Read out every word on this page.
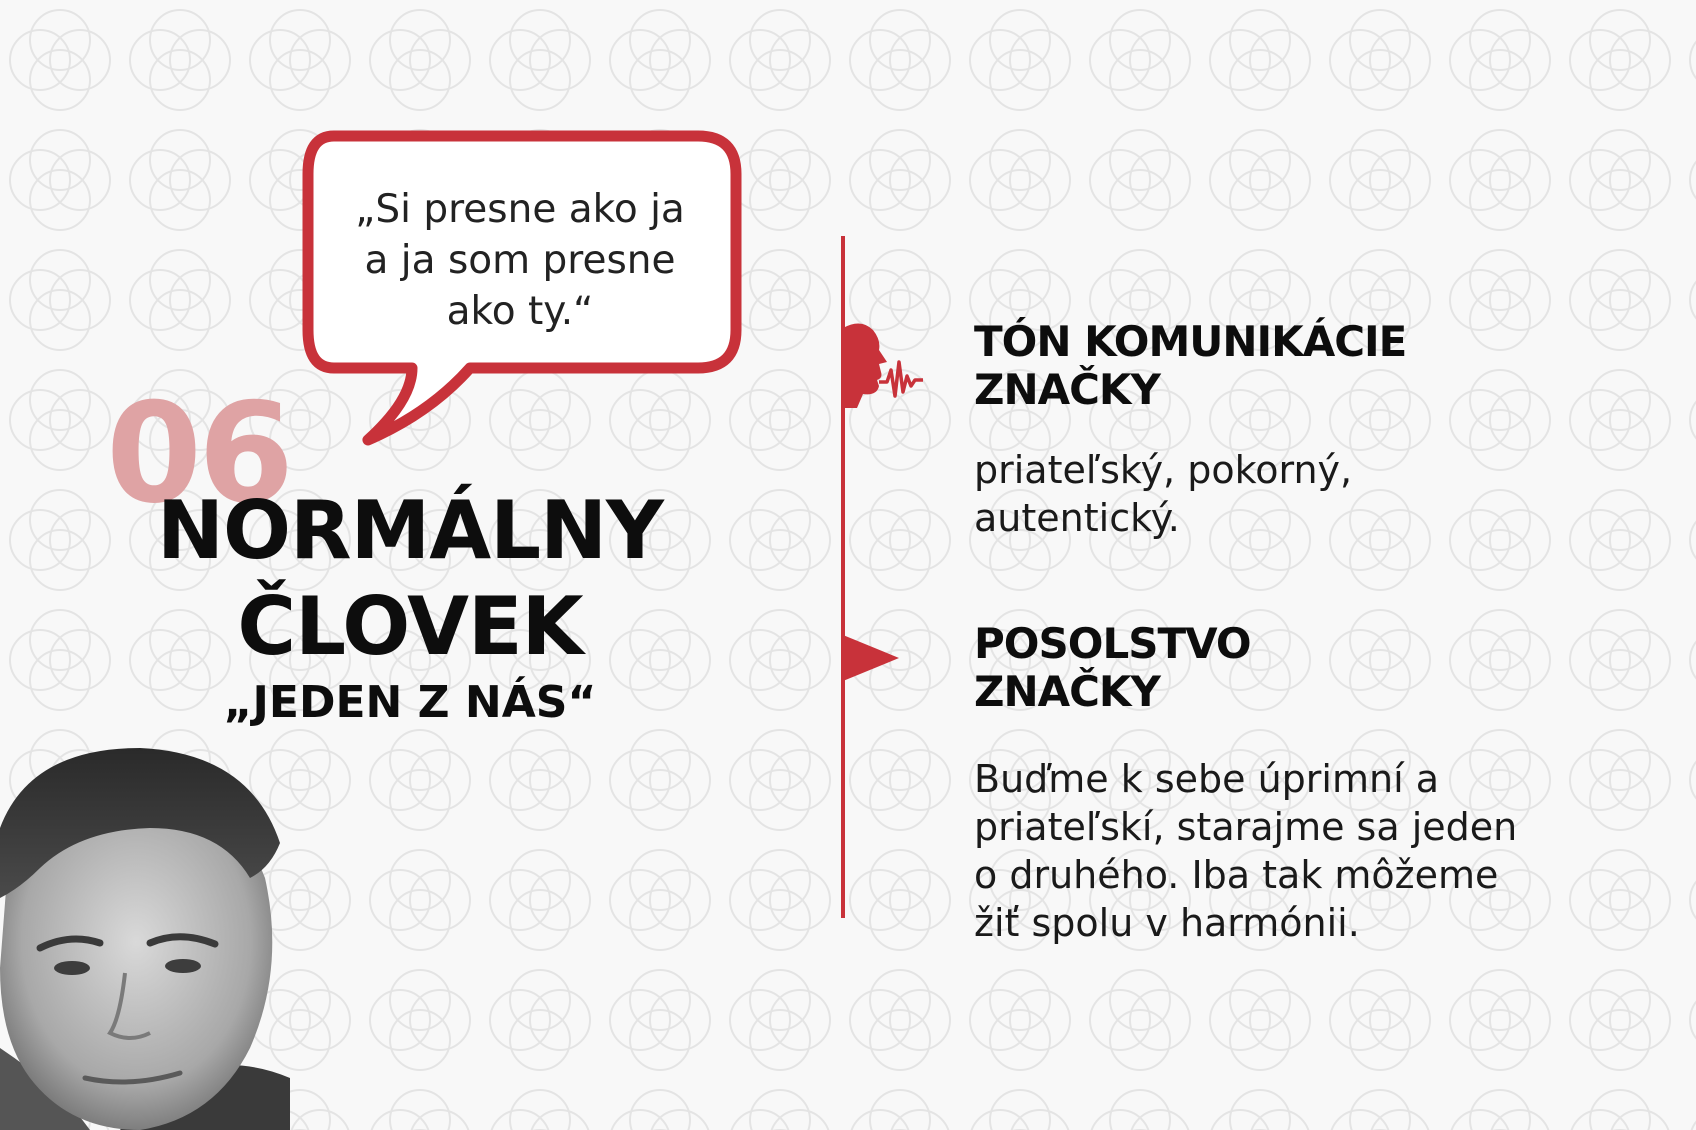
„Si presne ako ja
a ja som presne
ako ty.“
06
NORMÁLNY
ČLOVEK
„JEDEN Z NÁS“
TÓN KOMUNIKÁCIE
ZNAČKY
priateľský, pokorný,
autentický.
POSOLSTVO
ZNAČKY
Buďme k sebe úprimní a
priateľskí, starajme sa jeden
o druhého. Iba tak môžeme
žiť spolu v harmónii.
